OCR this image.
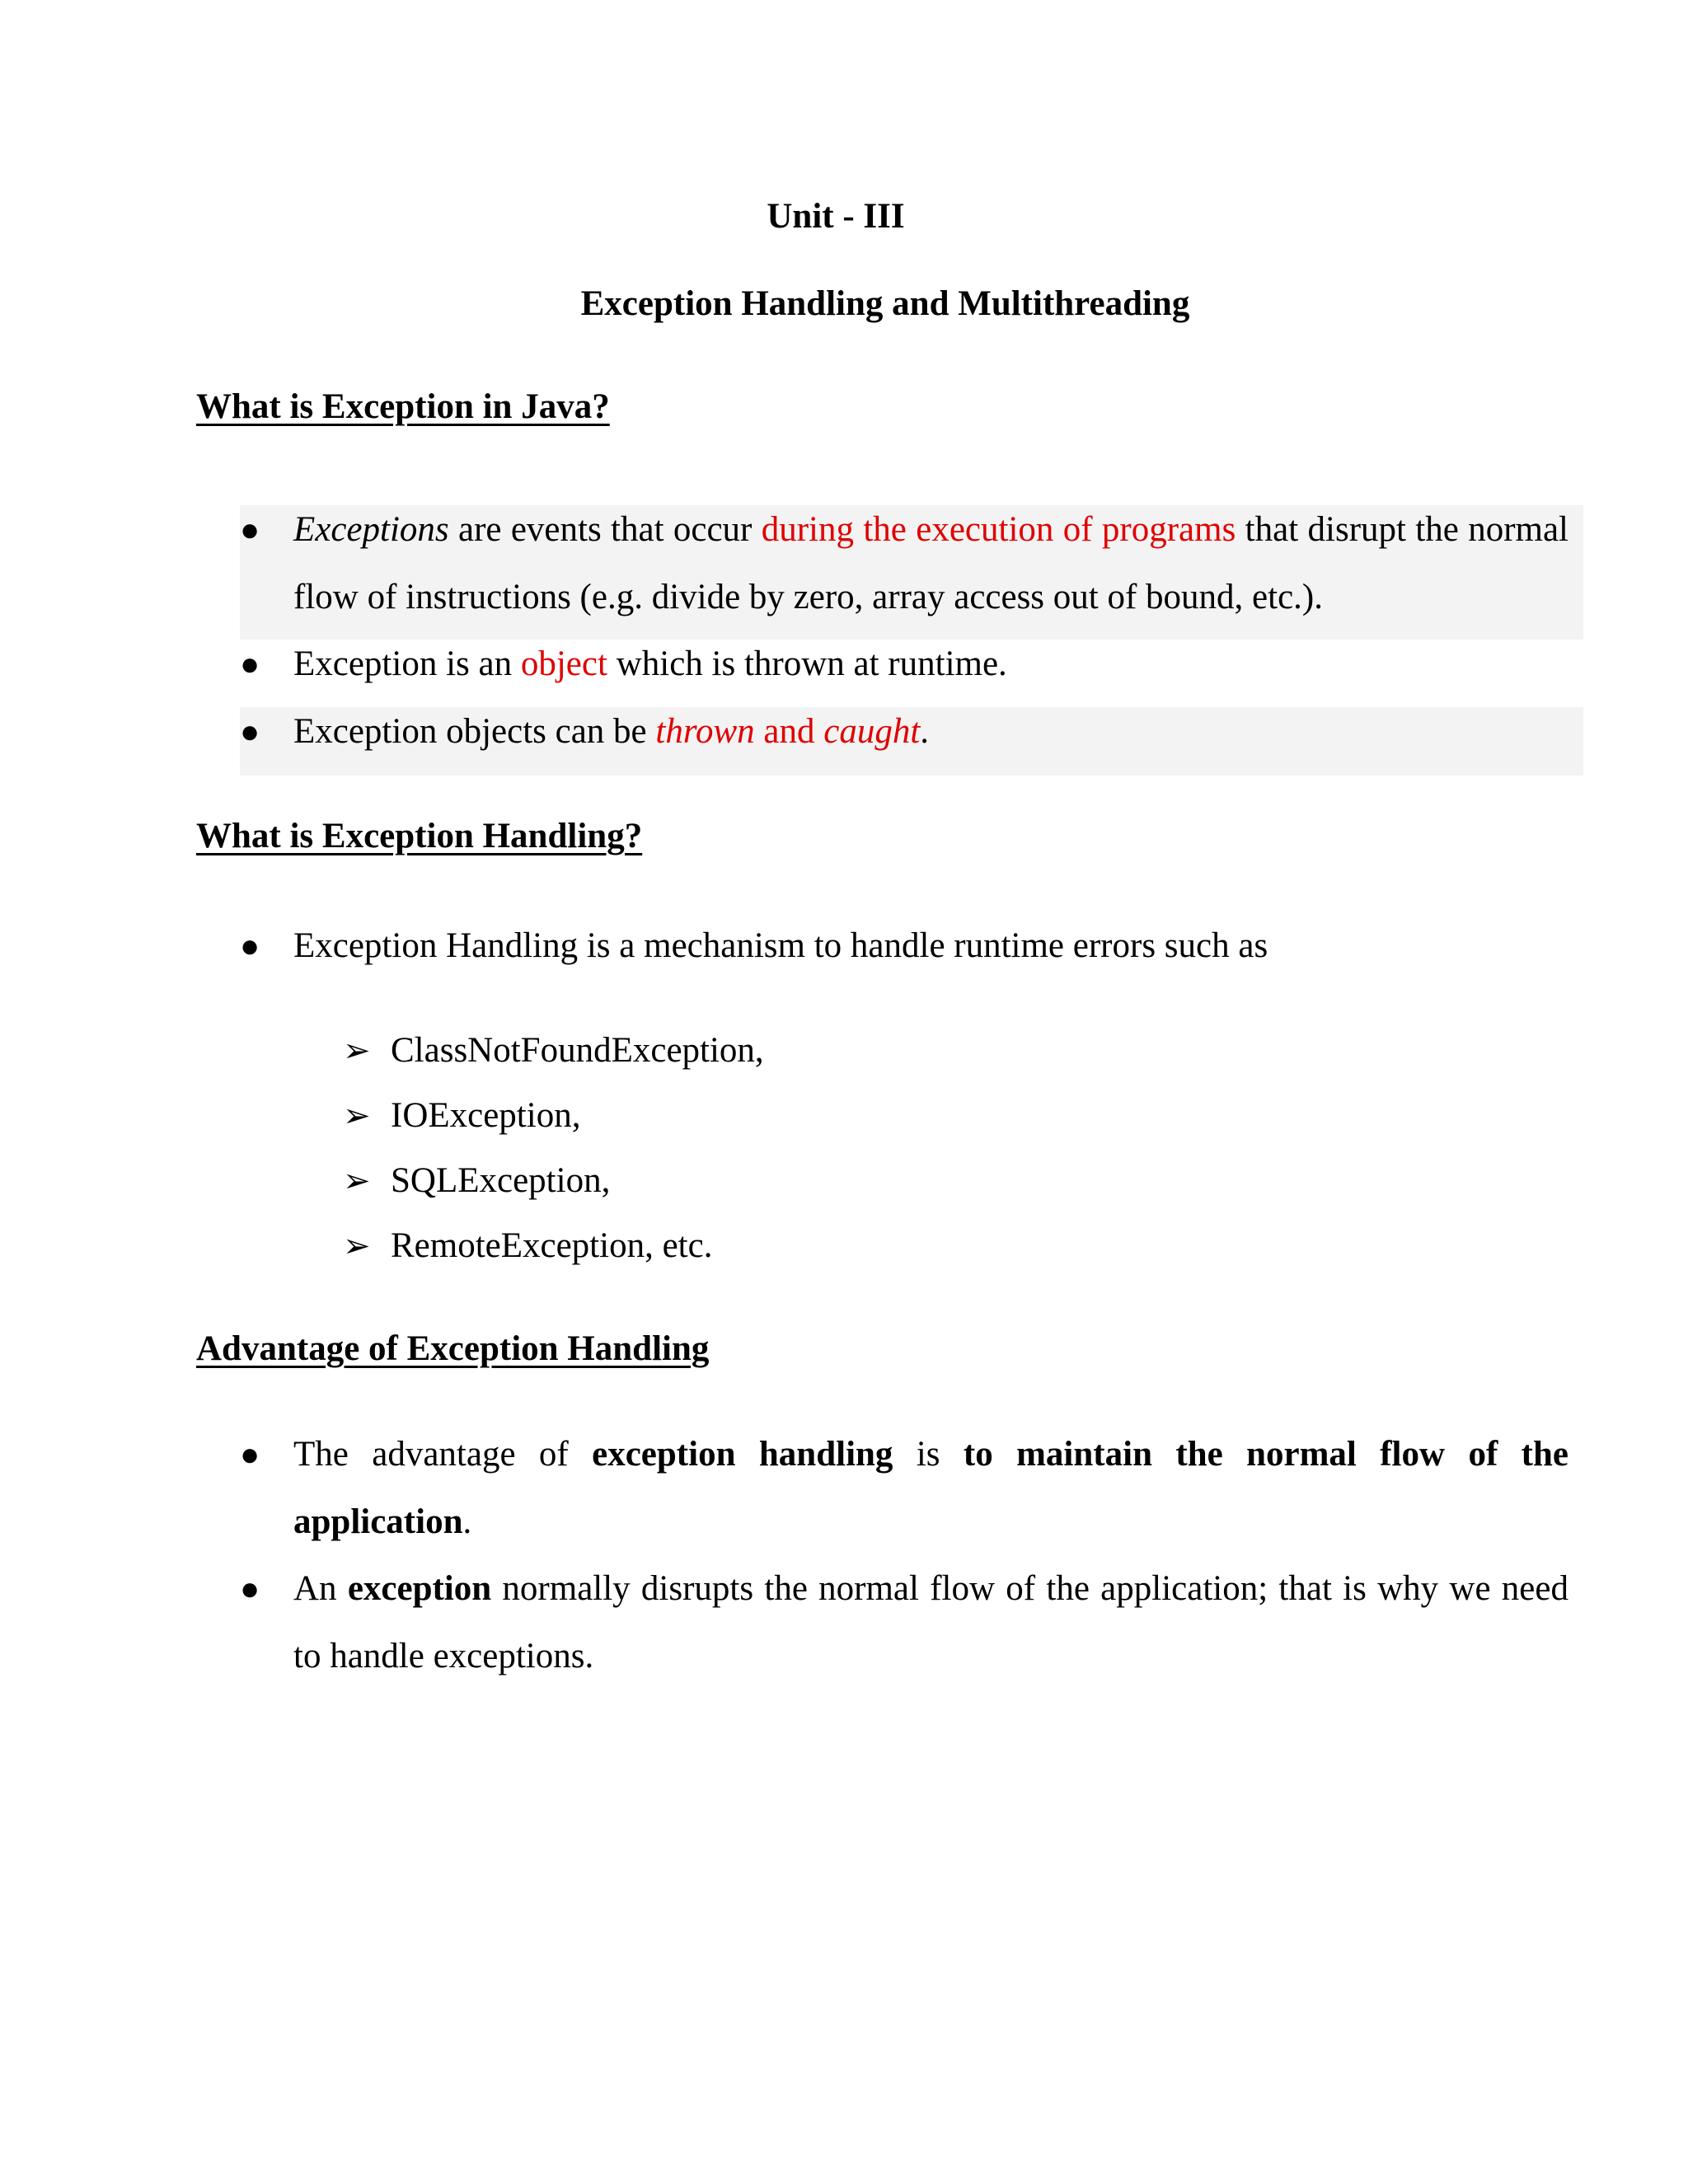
Unit - III
Exception Handling and Multithreading
What is Exception in Java?
● Exceptions are events that occur during the execution of programs that disrupt the normal flow of instructions (e.g. divide by zero, array access out of bound, etc.).
● Exception is an object which is thrown at runtime.
● Exception objects can be thrown and caught.
What is Exception Handling?
● Exception Handling is a mechanism to handle runtime errors such as
➢ ClassNotFoundException,
➢ IOException,
➢ SQLException,
➢ RemoteException, etc.
Advantage of Exception Handling
● The advantage of exception handling is to maintain the normal flow of the application.
● An exception normally disrupts the normal flow of the application; that is why we need to handle exceptions.
